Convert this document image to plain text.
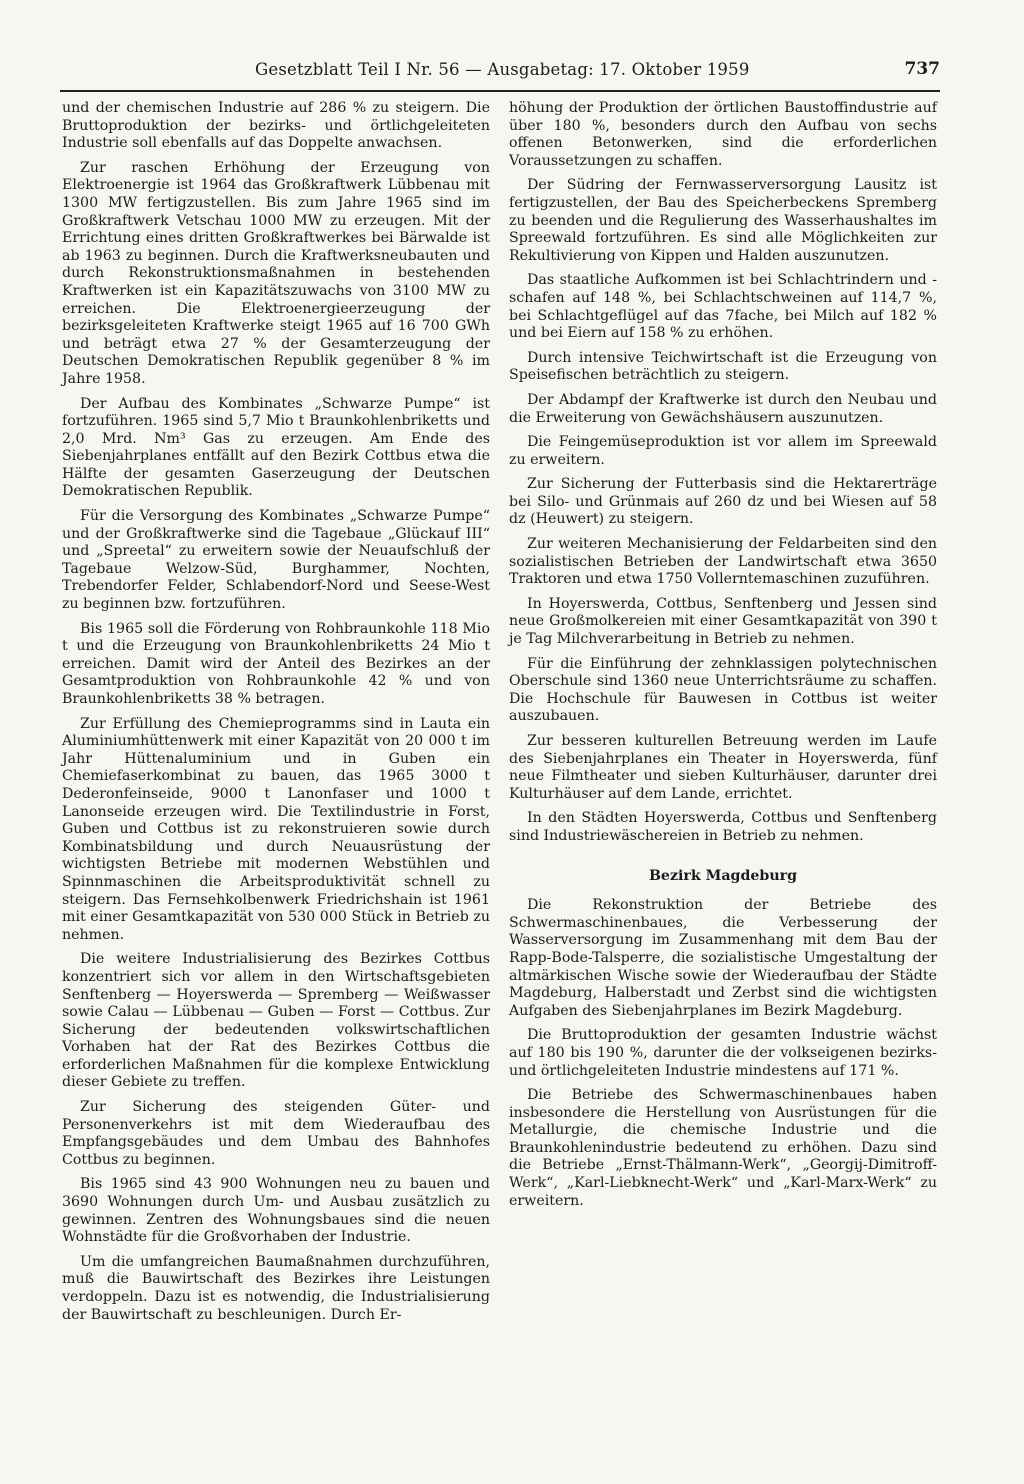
Gesetzblatt Teil I Nr. 56 — Ausgabetag: 17. Oktober 1959	737

und der chemischen Industrie auf 286 % zu steigern. Die Bruttoproduktion der bezirks- und örtlichgeleiteten Industrie soll ebenfalls auf das Doppelte anwachsen.

Zur raschen Erhöhung der Erzeugung von Elektroenergie ist 1964 das Großkraftwerk Lübbenau mit 1300 MW fertigzustellen. Bis zum Jahre 1965 sind im Großkraftwerk Vetschau 1000 MW zu erzeugen. Mit der Errichtung eines dritten Großkraftwerkes bei Bärwalde ist ab 1963 zu beginnen. Durch die Kraftwerksneubauten und durch Rekonstruktionsmaßnahmen in bestehenden Kraftwerken ist ein Kapazitätszuwachs von 3100 MW zu erreichen. Die Elektroenergieerzeugung der bezirksgeleiteten Kraftwerke steigt 1965 auf 16 700 GWh und beträgt etwa 27 % der Gesamterzeugung der Deutschen Demokratischen Republik gegenüber 8 % im Jahre 1958.

Der Aufbau des Kombinates „Schwarze Pumpe“ ist fortzuführen. 1965 sind 5,7 Mio t Braunkohlenbriketts und 2,0 Mrd. Nm³ Gas zu erzeugen. Am Ende des Siebenjahrplanes entfällt auf den Bezirk Cottbus etwa die Hälfte der gesamten Gaserzeugung der Deutschen Demokratischen Republik.

Für die Versorgung des Kombinates „Schwarze Pumpe“ und der Großkraftwerke sind die Tagebaue „Glückauf III“ und „Spreetal“ zu erweitern sowie der Neuaufschluß der Tagebaue Welzow-Süd, Burghammer, Nochten, Trebendorfer Felder, Schlabendorf-Nord und Seese-West zu beginnen bzw. fortzuführen.

Bis 1965 soll die Förderung von Rohbraunkohle 118 Mio t und die Erzeugung von Braunkohlenbriketts 24 Mio t erreichen. Damit wird der Anteil des Bezirkes an der Gesamtproduktion von Rohbraunkohle 42 % und von Braunkohlenbriketts 38 % betragen.

Zur Erfüllung des Chemieprogramms sind in Lauta ein Aluminiumhüttenwerk mit einer Kapazität von 20 000 t im Jahr Hüttenaluminium und in Guben ein Chemiefaserkombinat zu bauen, das 1965 3000 t Dederonfeinseide, 9000 t Lanonfaser und 1000 t Lanonseide erzeugen wird. Die Textilindustrie in Forst, Guben und Cottbus ist zu rekonstruieren sowie durch Kombinatsbildung und durch Neuausrüstung der wichtigsten Betriebe mit modernen Webstühlen und Spinnmaschinen die Arbeitsproduktivität schnell zu steigern. Das Fernsehkolbenwerk Friedrichshain ist 1961 mit einer Gesamtkapazität von 530 000 Stück in Betrieb zu nehmen.

Die weitere Industrialisierung des Bezirkes Cottbus konzentriert sich vor allem in den Wirtschaftsgebieten Senftenberg — Hoyerswerda — Spremberg — Weißwasser sowie Calau — Lübbenau — Guben — Forst — Cottbus. Zur Sicherung der bedeutenden volkswirtschaftlichen Vorhaben hat der Rat des Bezirkes Cottbus die erforderlichen Maßnahmen für die komplexe Entwicklung dieser Gebiete zu treffen.

Zur Sicherung des steigenden Güter- und Personenverkehrs ist mit dem Wiederaufbau des Empfangsgebäudes und dem Umbau des Bahnhofes Cottbus zu beginnen.

Bis 1965 sind 43 900 Wohnungen neu zu bauen und 3690 Wohnungen durch Um- und Ausbau zusätzlich zu gewinnen. Zentren des Wohnungsbaues sind die neuen Wohnstädte für die Großvorhaben der Industrie.

Um die umfangreichen Baumaßnahmen durchzuführen, muß die Bauwirtschaft des Bezirkes ihre Leistungen verdoppeln. Dazu ist es notwendig, die Industrialisierung der Bauwirtschaft zu beschleunigen. Durch Er-

höhung der Produktion der örtlichen Baustoffindustrie auf über 180 %, besonders durch den Aufbau von sechs offenen Betonwerken, sind die erforderlichen Voraussetzungen zu schaffen.

Der Südring der Fernwasserversorgung Lausitz ist fertigzustellen, der Bau des Speicherbeckens Spremberg zu beenden und die Regulierung des Wasserhaushaltes im Spreewald fortzuführen. Es sind alle Möglichkeiten zur Rekultivierung von Kippen und Halden auszunutzen.

Das staatliche Aufkommen ist bei Schlachtrindern und -schafen auf 148 %, bei Schlachtschweinen auf 114,7 %, bei Schlachtgeflügel auf das 7fache, bei Milch auf 182 % und bei Eiern auf 158 % zu erhöhen.

Durch intensive Teichwirtschaft ist die Erzeugung von Speisefischen beträchtlich zu steigern.

Der Abdampf der Kraftwerke ist durch den Neubau und die Erweiterung von Gewächshäusern auszunutzen.

Die Feingemüseproduktion ist vor allem im Spreewald zu erweitern.

Zur Sicherung der Futterbasis sind die Hektarerträge bei Silo- und Grünmais auf 260 dz und bei Wiesen auf 58 dz (Heuwert) zu steigern.

Zur weiteren Mechanisierung der Feldarbeiten sind den sozialistischen Betrieben der Landwirtschaft etwa 3650 Traktoren und etwa 1750 Vollerntemaschinen zuzuführen.

In Hoyerswerda, Cottbus, Senftenberg und Jessen sind neue Großmolkereien mit einer Gesamtkapazität von 390 t je Tag Milchverarbeitung in Betrieb zu nehmen.

Für die Einführung der zehnklassigen polytechnischen Oberschule sind 1360 neue Unterrichtsräume zu schaffen. Die Hochschule für Bauwesen in Cottbus ist weiter auszubauen.

Zur besseren kulturellen Betreuung werden im Laufe des Siebenjahrplanes ein Theater in Hoyerswerda, fünf neue Filmtheater und sieben Kulturhäuser, darunter drei Kulturhäuser auf dem Lande, errichtet.

In den Städten Hoyerswerda, Cottbus und Senftenberg sind Industriewäschereien in Betrieb zu nehmen.

Bezirk Magdeburg

Die Rekonstruktion der Betriebe des Schwermaschinenbaues, die Verbesserung der Wasserversorgung im Zusammenhang mit dem Bau der Rapp-Bode-Talsperre, die sozialistische Umgestaltung der altmärkischen Wische sowie der Wiederaufbau der Städte Magdeburg, Halberstadt und Zerbst sind die wichtigsten Aufgaben des Siebenjahrplanes im Bezirk Magdeburg.

Die Bruttoproduktion der gesamten Industrie wächst auf 180 bis 190 %, darunter die der volkseigenen bezirks- und örtlichgeleiteten Industrie mindestens auf 171 %.

Die Betriebe des Schwermaschinenbaues haben insbesondere die Herstellung von Ausrüstungen für die Metallurgie, die chemische Industrie und die Braunkohlenindustrie bedeutend zu erhöhen. Dazu sind die Betriebe „Ernst-Thälmann-Werk“, „Georgij-Dimitroff-Werk“, „Karl-Liebknecht-Werk“ und „Karl-Marx-Werk“ zu erweitern.
